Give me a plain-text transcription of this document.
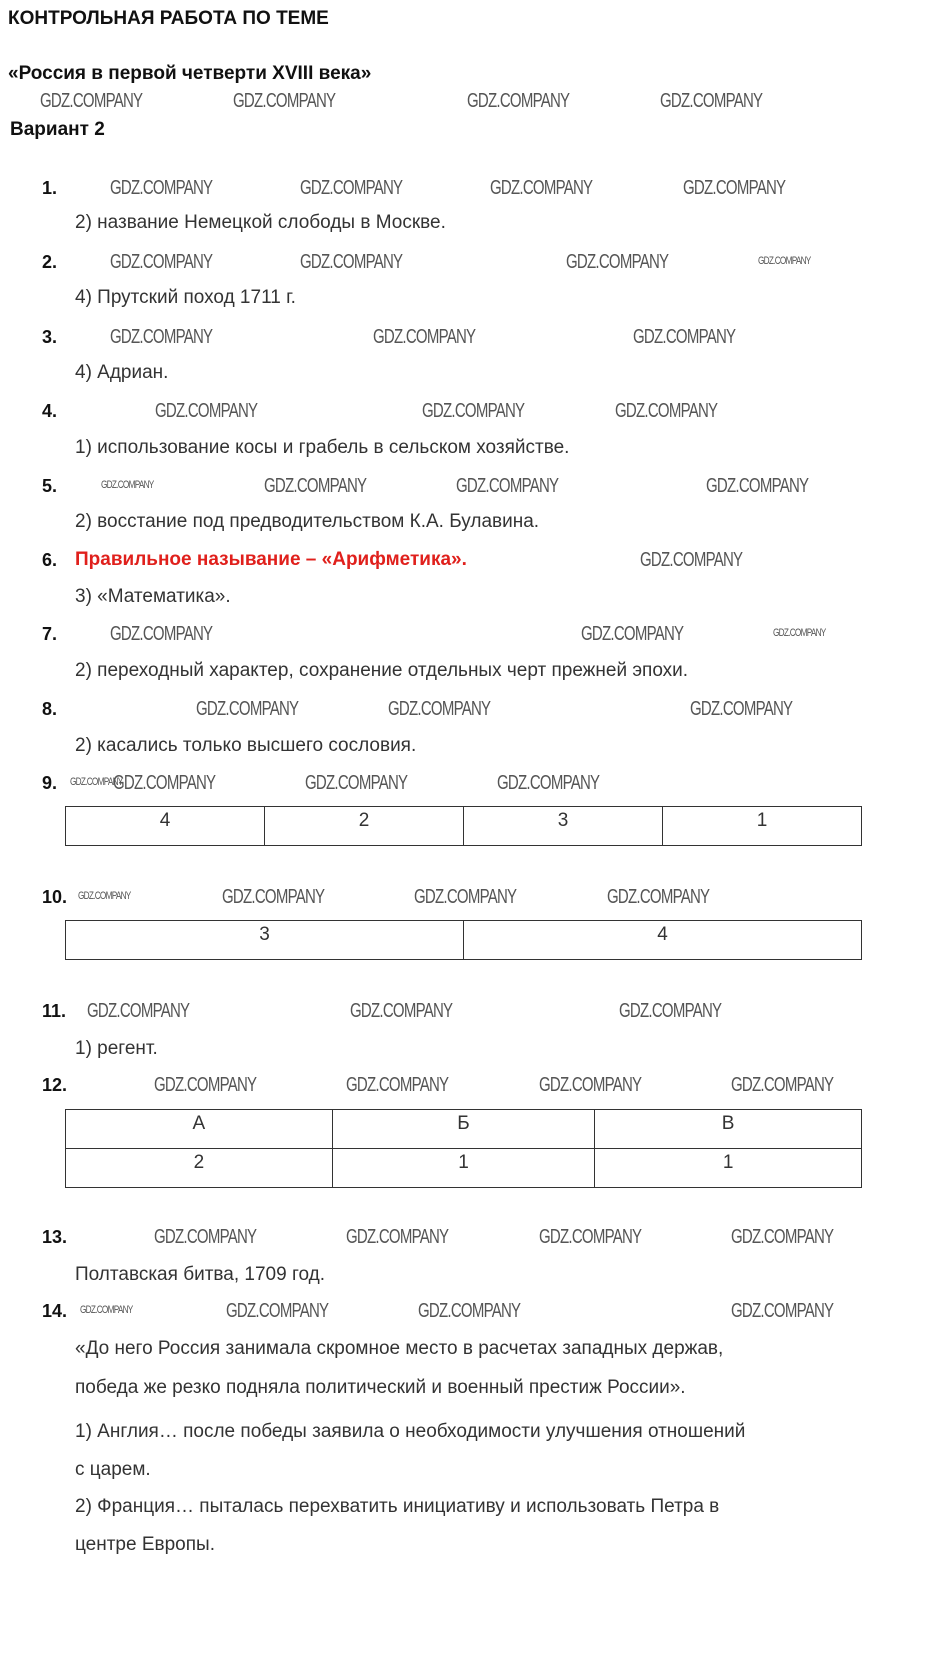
КОНТРОЛЬНАЯ РАБОТА ПО ТЕМЕ
«Россия в первой четверти XVIII века»
Вариант 2
1.
2) название Немецкой слободы в Москве.
2.
4) Прутский поход 1711 г.
3.
4) Адриан.
4.
1) использование косы и грабель в сельском хозяйстве.
5.
2) восстание под предводительством К.А. Булавина.
6. Правильное называние – «Арифметика».
3) «Математика».
7.
2) переходный характер, сохранение отдельных черт прежней эпохи.
8.
2) касались только высшего сословия.
9.
4	2	3	1
10.
3	4
11.
1) регент.
12.
А	Б	В
2	1	1
13.
Полтавская битва, 1709 год.
14.
«До него Россия занимала скромное место в расчетах западных держав,
победа же резко подняла политический и военный престиж России».
1) Англия… после победы заявила о необходимости улучшения отношений
с царем.
2) Франция… пыталась перехватить инициативу и использовать Петра в
центре Европы.
GDZ.COMPANY	GDZ.COMPANY	GDZ.COMPANY	GDZ.COMPANY
GDZ.COMPANY	GDZ.COMPANY	GDZ.COMPANY	GDZ.COMPANY
GDZ.COMPANY	GDZ.COMPANY	GDZ.COMPANY	GDZ.COMPANY
GDZ.COMPANY	GDZ.COMPANY	GDZ.COMPANY
GDZ.COMPANY	GDZ.COMPANY	GDZ.COMPANY
GDZ.COMPANY	GDZ.COMPANY	GDZ.COMPANY	GDZ.COMPANY
GDZ.COMPANY
GDZ.COMPANY	GDZ.COMPANY	GDZ.COMPANY
GDZ.COMPANY	GDZ.COMPANY	GDZ.COMPANY
GDZ.COMPANY
GDZ.COMPANY	GDZ.COMPANY	GDZ.COMPANY
GDZ.COMPANY	GDZ.COMPANY	GDZ.COMPANY	GDZ.COMPANY
GDZ.COMPANY	GDZ.COMPANY	GDZ.COMPANY
GDZ.COMPANY	GDZ.COMPANY	GDZ.COMPANY	GDZ.COMPANY
GDZ.COMPANY	GDZ.COMPANY	GDZ.COMPANY	GDZ.COMPANY
GDZ.COMPANY	GDZ.COMPANY	GDZ.COMPANY	GDZ.COMPANY
